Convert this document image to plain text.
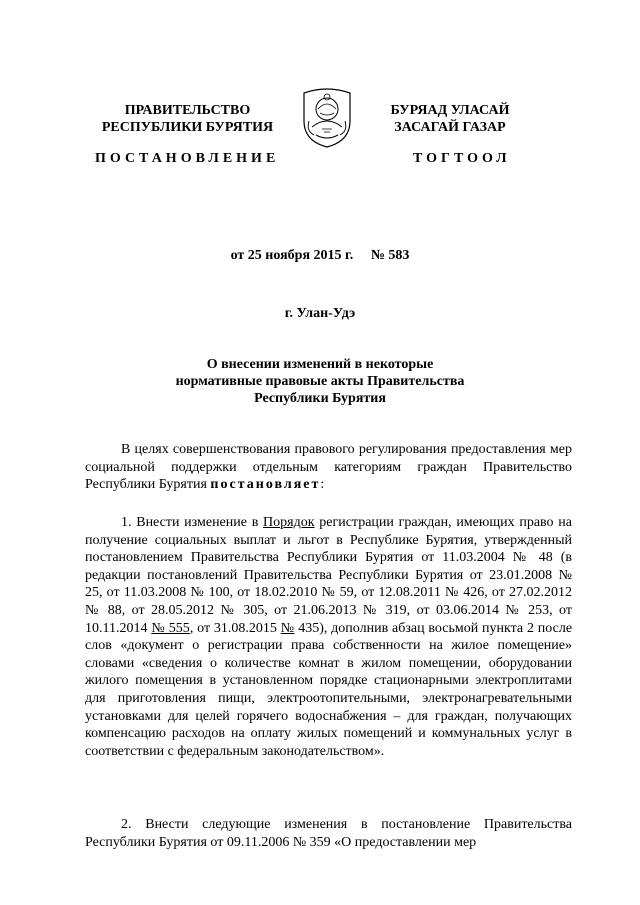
ПРАВИТЕЛЬСТВО
РЕСПУБЛИКИ БУРЯТИЯ
ПОСТАНОВЛЕНИЕ
БУРЯАД УЛАСАЙ
ЗАСАГАЙ ГАЗАР
ТОГТООЛ
от 25 ноября 2015 г. № 583
г. Улан-Удэ
О внесении изменений в некоторые
нормативные правовые акты Правительства
Республики Бурятия
В целях совершенствования правового регулирования предоставления мер социальной поддержки отдельным категориям граждан Правительство Республики Бурятия постановляет:
1. Внести изменение в Порядок регистрации граждан, имеющих право на получение социальных выплат и льгот в Республике Бурятия, утвержденный постановлением Правительства Республики Бурятия от 11.03.2004 № 48 (в редакции постановлений Правительства Республики Бурятия от 23.01.2008 № 25, от 11.03.2008 № 100, от 18.02.2010 № 59, от 12.08.2011 № 426, от 27.02.2012 № 88, от 28.05.2012 № 305, от 21.06.2013 № 319, от 03.06.2014 № 253, от 10.11.2014 № 555, от 31.08.2015 № 435), дополнив абзац восьмой пункта 2 после слов «документ о регистрации права собственности на жилое помещение» словами «сведения о количестве комнат в жилом помещении, оборудовании жилого помещения в установленном порядке стационарными электроплитами для приготовления пищи, электроотопительными, электронагревательными установками для целей горячего водоснабжения – для граждан, получающих компенсацию расходов на оплату жилых помещений и коммунальных услуг в соответствии с федеральным законодательством».
2. Внести следующие изменения в постановление Правительства Республики Бурятия от 09.11.2006 № 359 «О предоставлении мер
